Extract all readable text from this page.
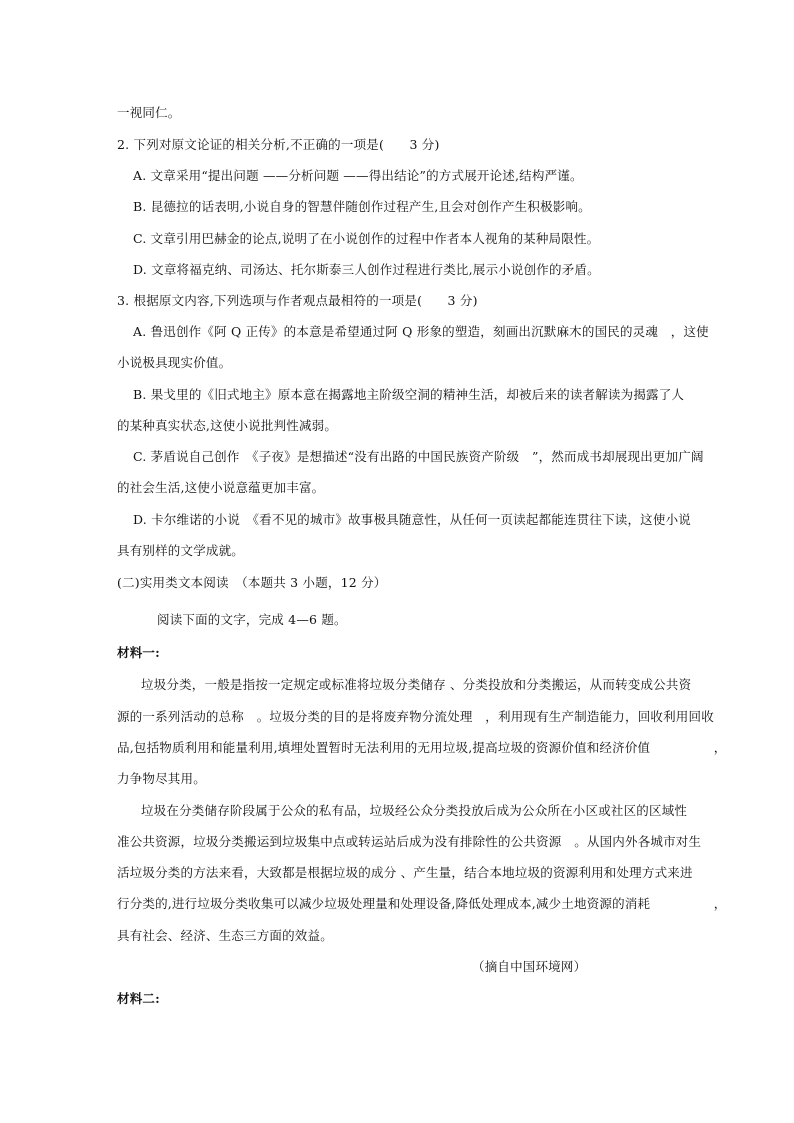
一视同仁。
2. 下列对原文论证的相关分析,不正确的一项是(　　3 分)
A. 文章采用“提出问题 ——分析问题 ——得出结论”的方式展开论述,结构严谨。
B. 昆德拉的话表明,小说自身的智慧伴随创作过程产生,且会对创作产生积极影响。
C. 文章引用巴赫金的论点,说明了在小说创作的过程中作者本人视角的某种局限性。
D. 文章将福克纳、司汤达、托尔斯泰三人创作过程进行类比,展示小说创作的矛盾。
3. 根据原文内容,下列选项与作者观点最相符的一项是(　　3 分)
A. 鲁迅创作《阿 Q 正传》的本意是希望通过阿 Q 形象的塑造，刻画出沉默麻木的国民的灵魂　，这使
小说极具现实价值。
B. 果戈里的《旧式地主》原本意在揭露地主阶级空洞的精神生活，却被后来的读者解读为揭露了人
的某种真实状态,这使小说批判性减弱。
C. 茅盾说自己创作　《子夜》是想描述“没有出路的中国民族资产阶级　”，然而成书却展现出更加广阔
的社会生活,这使小说意蕴更加丰富。
D. 卡尔维诺的小说　《看不见的城市》故事极具随意性，从任何一页读起都能连贯往下读，这使小说
具有别样的文学成就。
(二)实用类文本阅读　（本题共 3 小题，12 分）
阅读下面的文字，完成 4—6 题。
材料一:
垃圾分类，一般是指按一定规定或标准将垃圾分类储存 、分类投放和分类搬运，从而转变成公共资
源的一系列活动的总称　。垃圾分类的目的是将废弃物分流处理　，利用现有生产制造能力，回收利用回收
品,包括物质利用和能量利用,填埋处置暂时无法利用的无用垃圾,提高垃圾的资源价值和经济价值　　　　　，
力争物尽其用。
垃圾在分类储存阶段属于公众的私有品，垃圾经公众分类投放后成为公众所在小区或社区的区域性
准公共资源，垃圾分类搬运到垃圾集中点或转运站后成为没有排除性的公共资源　。从国内外各城市对生
活垃圾分类的方法来看，大致都是根据垃圾的成分 、产生量，结合本地垃圾的资源利用和处理方式来进
行分类的,进行垃圾分类收集可以减少垃圾处理量和处理设备,降低处理成本,减少土地资源的消耗　　　　　，
具有社会、经济、生态三方面的效益。
（摘自中国环境网）
材料二:
